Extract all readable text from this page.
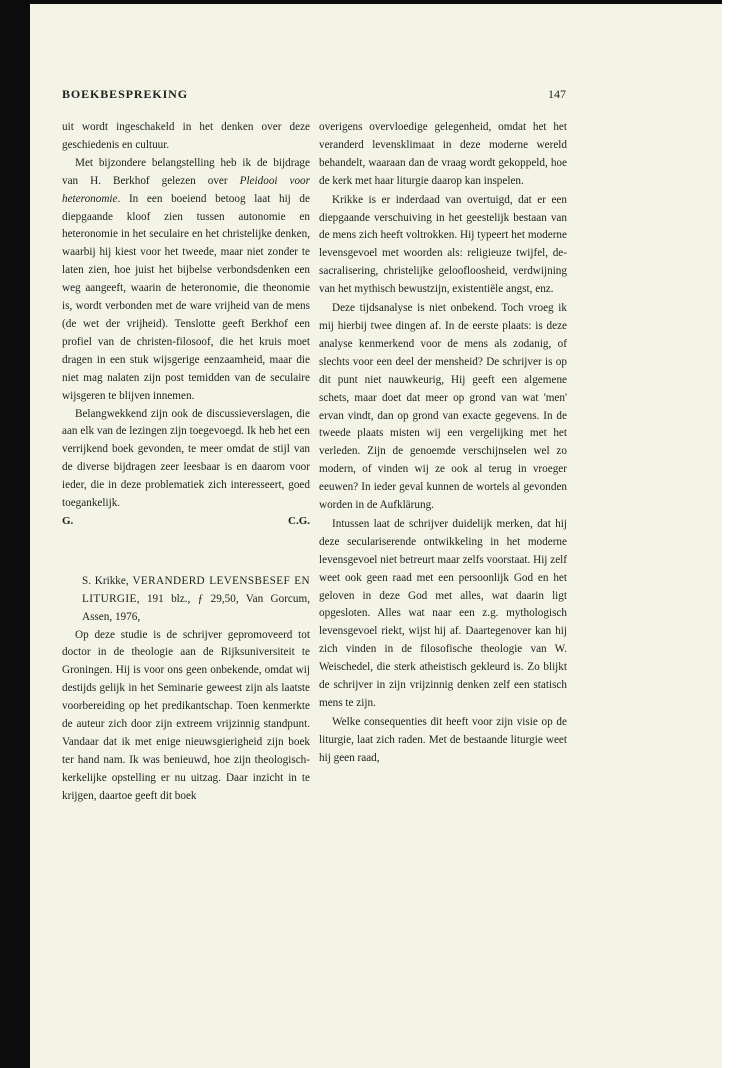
BOEKBESPREKING	147

uit wordt ingeschakeld in het denken over deze geschiedenis en cultuur.

Met bijzondere belangstelling heb ik de bijdrage van H. Berkhof gelezen over Pleidooi voor heteronomie. In een boeiend betoog laat hij de diepgaande kloof zien tussen autonomie en heteronomie in het seculaire en het christelijke denken, waarbij hij kiest voor het tweede, maar niet zonder te laten zien, hoe juist het bijbelse verbondsdenken een weg aangeeft, waarin de heteronomie, die theonomie is, wordt verbonden met de ware vrijheid van de mens (de wet der vrijheid). Tenslotte geeft Berkhof een profiel van de christen-filosoof, die het kruis moet dragen in een stuk wijsgerige eenzaamheid, maar die niet mag nalaten zijn post temidden van de seculaire wijsgeren te blijven innemen.

Belangwekkend zijn ook de discussieverslagen, die aan elk van de lezingen zijn toegevoegd. Ik heb het een verrijkend boek gevonden, te meer omdat de stijl van de diverse bijdragen zeer leesbaar is en daarom voor ieder, die in deze problematiek zich interesseert, goed toegankelijk.

G.	C.G.

S. Krikke, VERANDERD LEVENSBESEF EN LITURGIE, 191 blz., ƒ 29,50, Van Gorcum, Assen, 1976,

Op deze studie is de schrijver gepromoveerd tot doctor in de theologie aan de Rijksuniversiteit te Groningen. Hij is voor ons geen onbekende, omdat wij destijds gelijk in het Seminarie geweest zijn als laatste voorbereiding op het predikantschap. Toen kenmerkte de auteur zich door zijn extreem vrijzinnig standpunt. Vandaar dat ik met enige nieuwsgierigheid zijn boek ter hand nam. Ik was benieuwd, hoe zijn theologisch-kerkelijke opstelling er nu uitzag. Daar inzicht in te krijgen, daartoe geeft dit boek

overigens overvloedige gelegenheid, omdat het het veranderd levensklimaat in deze moderne wereld behandelt, waaraan dan de vraag wordt gekoppeld, hoe de kerk met haar liturgie daarop kan inspelen.

Krikke is er inderdaad van overtuigd, dat er een diepgaande verschuiving in het geestelijk bestaan van de mens zich heeft voltrokken. Hij typeert het moderne levensgevoel met woorden als: religieuze twijfel, de-sacralisering, christelijke geloofloosheid, verdwijning van het mythisch bewustzijn, existentiële angst, enz.

Deze tijdsanalyse is niet onbekend. Toch vroeg ik mij hierbij twee dingen af. In de eerste plaats: is deze analyse kenmerkend voor de mens als zodanig, of slechts voor een deel der mensheid? De schrijver is op dit punt niet nauwkeurig, Hij geeft een algemene schets, maar doet dat meer op grond van wat 'men' ervan vindt, dan op grond van exacte gegevens. In de tweede plaats misten wij een vergelijking met het verleden. Zijn de genoemde verschijnselen wel zo modern, of vinden wij ze ook al terug in vroeger eeuwen? In ieder geval kunnen de wortels al gevonden worden in de Aufklärung.

Intussen laat de schrijver duidelijk merken, dat hij deze seculariserende ontwikkeling in het moderne levensgevoel niet betreurt maar zelfs voorstaat. Hij zelf weet ook geen raad met een persoonlijk God en het geloven in deze God met alles, wat daarin ligt opgesloten. Alles wat naar een z.g. mythologisch levensgevoel riekt, wijst hij af. Daartegenover kan hij zich vinden in de filosofische theologie van W. Weischedel, die sterk atheistisch gekleurd is. Zo blijkt de schrijver in zijn vrijzinnig denken zelf een statisch mens te zijn.

Welke consequenties dit heeft voor zijn visie op de liturgie, laat zich raden. Met de bestaande liturgie weet hij geen raad,
